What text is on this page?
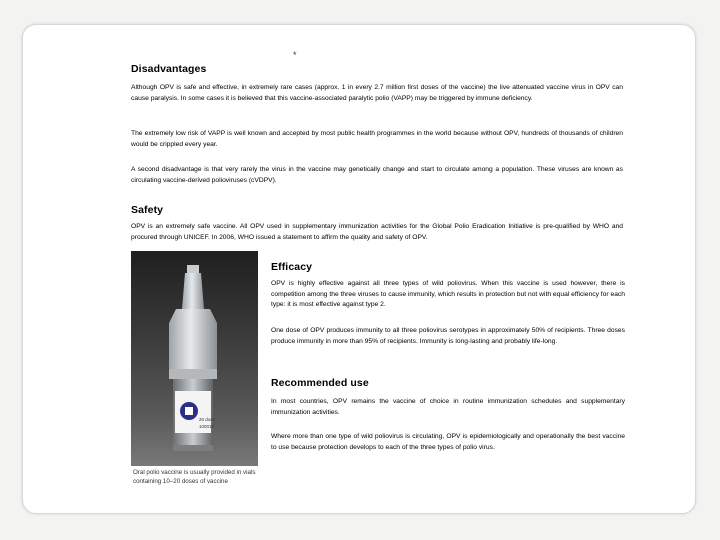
*
Disadvantages

Although OPV is safe and effective, in extremely rare cases (approx. 1 in every 2.7 million first doses of the vaccine) the live attenuated vaccine virus in OPV can cause paralysis. In some cases it is believed that this vaccine-associated paralytic polio (VAPP) may be triggered by immune deficiency.

The extremely low risk of VAPP is well known and accepted by most public health programmes in the world because without OPV, hundreds of thousands of children would be crippled every year.

A second disadvantage is that very rarely the virus in the vaccine may genetically change and start to circulate among a population. These viruses are known as circulating vaccine-derived polioviruses (cVDPV).

Safety

OPV is an extremely safe vaccine. All OPV used in supplementary immunization activities for the Global Polio Eradication Initiative is pre-qualified by WHO and procured through UNICEF. In 2006, WHO issued a statement to affirm the quality and safety of OPV.

20 dose
100012
Oral polio vaccine is usually provided in vials containing 10–20 doses of vaccine
Efficacy

OPV is highly effective against all three types of wild poliovirus. When this vaccine is used however, there is competition among the three viruses to cause immunity, which results in protection but not with equal efficiency for each type: it is most effective against type 2.

One dose of OPV produces immunity to all three poliovirus serotypes in approximately 50% of recipients. Three doses produce immunity in more than 95% of recipients. Immunity is long-lasting and probably life-long.

Recommended use

In most countries, OPV remains the vaccine of choice in routine immunization schedules and supplementary immunization activities.

Where more than one type of wild poliovirus is circulating, OPV is epidemiologically and operationally the best vaccine to use because protection develops to each of the three types of polio virus.
